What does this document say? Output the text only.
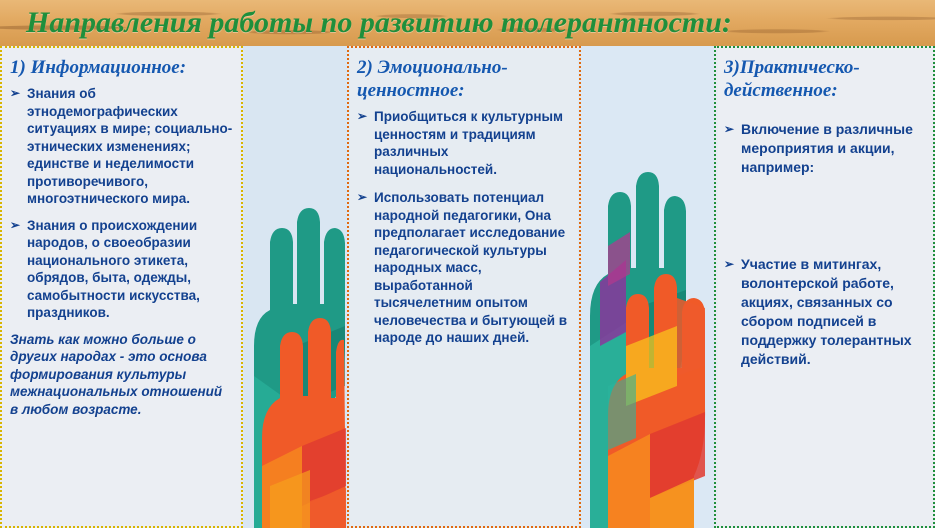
Направления работы по развитию толерантности:
1) Информационное:
➢ Знания об этнодемографических ситуациях в мире; социально-этнических изменениях; единстве и неделимости противоречивого, многоэтнического мира.
➢ Знания о происхождении народов, о своеобразии национального этикета, обрядов, быта, одежды, самобытности искусства, праздников.
Знать как можно больше о других народах - это основа формирования культуры межнациональных отношений в любом возрасте.
2) Эмоционально-ценностное:
➢ Приобщиться к культурным ценностям и традициям различных национальностей.
➢ Использовать потенциал народной педагогики, Она предполагает исследование педагогической культуры народных масс, выработанной тысячелетним опытом человечества и бытующей в народе до наших дней.
3)Практическо-действенное:
➢ Включение в различные мероприятия и акции, например:
➢ Участие в митингах, волонтерской работе, акциях, связанных со сбором подписей в поддержку толерантных действий.
